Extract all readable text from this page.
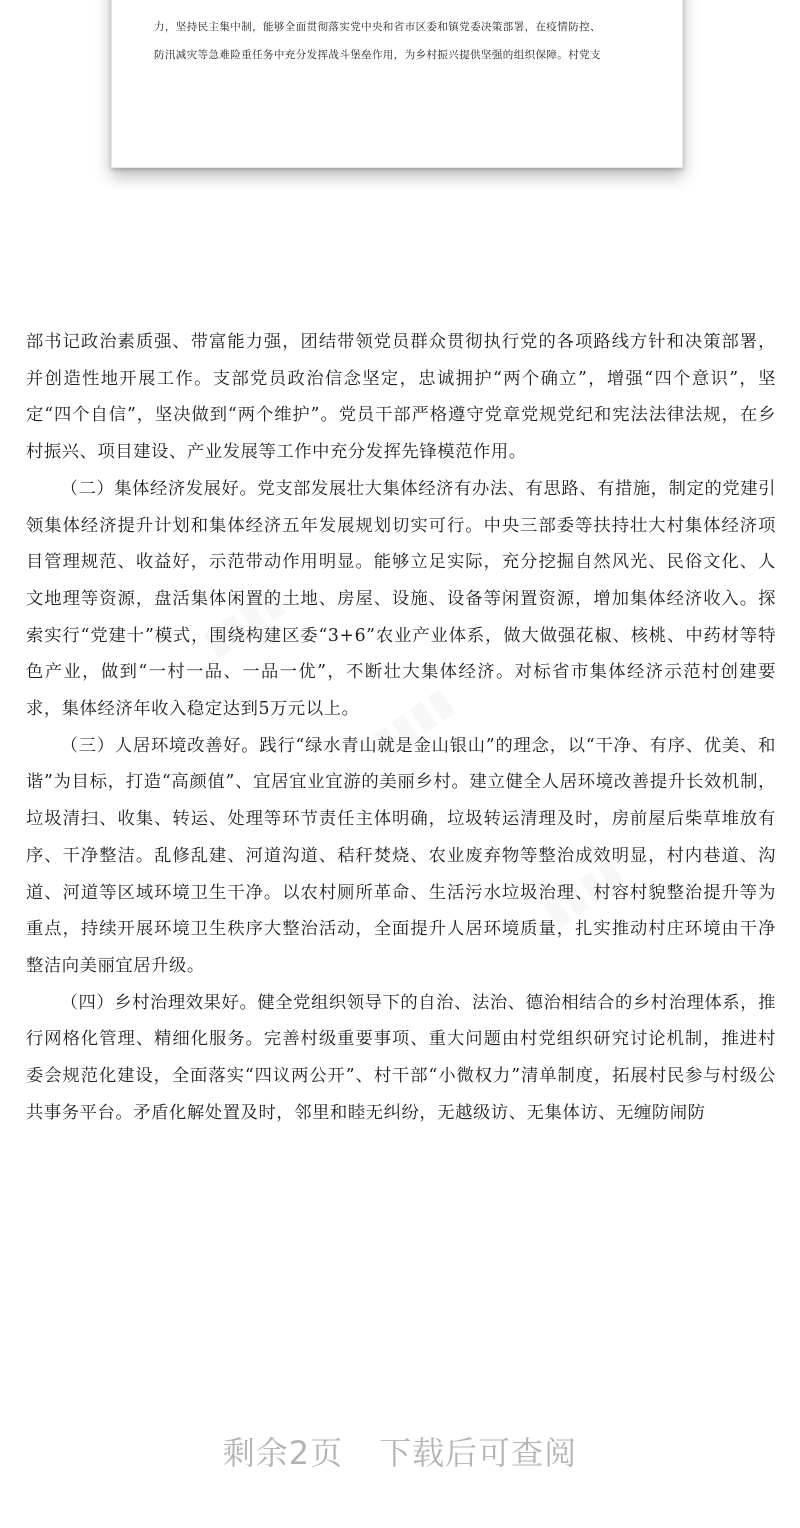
力，坚持民主集中制，能够全面贯彻落实党中央和省市区委和镇党委决策部署，在疫情防控、
防汛减灾等急难险重任务中充分发挥战斗堡垒作用，为乡村振兴提供坚强的组织保障。村党支
▮▮▮▮
▮▮▮▮
▮▮▮▮

部书记政治素质强、带富能力强，团结带领党员群众贯彻执行党的各项路线方针和决策部署，并创造性地开展工作。支部党员政治信念坚定，忠诚拥护“两个确立”，增强“四个意识”，坚定“四个自信”，坚决做到“两个维护”。党员干部严格遵守党章党规党纪和宪法法律法规，在乡村振兴、项目建设、产业发展等工作中充分发挥先锋模范作用。

（二）集体经济发展好。党支部发展壮大集体经济有办法、有思路、有措施，制定的党建引领集体经济提升计划和集体经济五年发展规划切实可行。中央三部委等扶持壮大村集体经济项目管理规范、收益好，示范带动作用明显。能够立足实际，充分挖掘自然风光、民俗文化、人文地理等资源，盘活集体闲置的土地、房屋、设施、设备等闲置资源，增加集体经济收入。探索实行“党建十”模式，围绕构建区委“3+6”农业产业体系，做大做强花椒、核桃、中药材等特色产业，做到“一村一品、一品一优”，不断壮大集体经济。对标省市集体经济示范村创建要求，集体经济年收入稳定达到5万元以上。

（三）人居环境改善好。践行“绿水青山就是金山银山”的理念，以“干净、有序、优美、和谐”为目标，打造“高颜值”、宜居宜业宜游的美丽乡村。建立健全人居环境改善提升长效机制，垃圾清扫、收集、转运、处理等环节责任主体明确，垃圾转运清理及时，房前屋后柴草堆放有序、干净整洁。乱修乱建、河道沟道、秸秆焚烧、农业废弃物等整治成效明显，村内巷道、沟道、河道等区域环境卫生干净。以农村厕所革命、生活污水垃圾治理、村容村貌整治提升等为重点，持续开展环境卫生秩序大整治活动，全面提升人居环境质量，扎实推动村庄环境由干净整洁向美丽宜居升级。

（四）乡村治理效果好。健全党组织领导下的自治、法治、德治相结合的乡村治理体系，推行网格化管理、精细化服务。完善村级重要事项、重大问题由村党组织研究讨论机制，推进村委会规范化建设，全面落实“四议两公开”、村干部“小微权力”清单制度，拓展村民参与村级公共事务平台。矛盾化解处置及时，邻里和睦无纠纷，无越级访、无集体访、无缠防闹防

剩余2页 下载后可查阅
